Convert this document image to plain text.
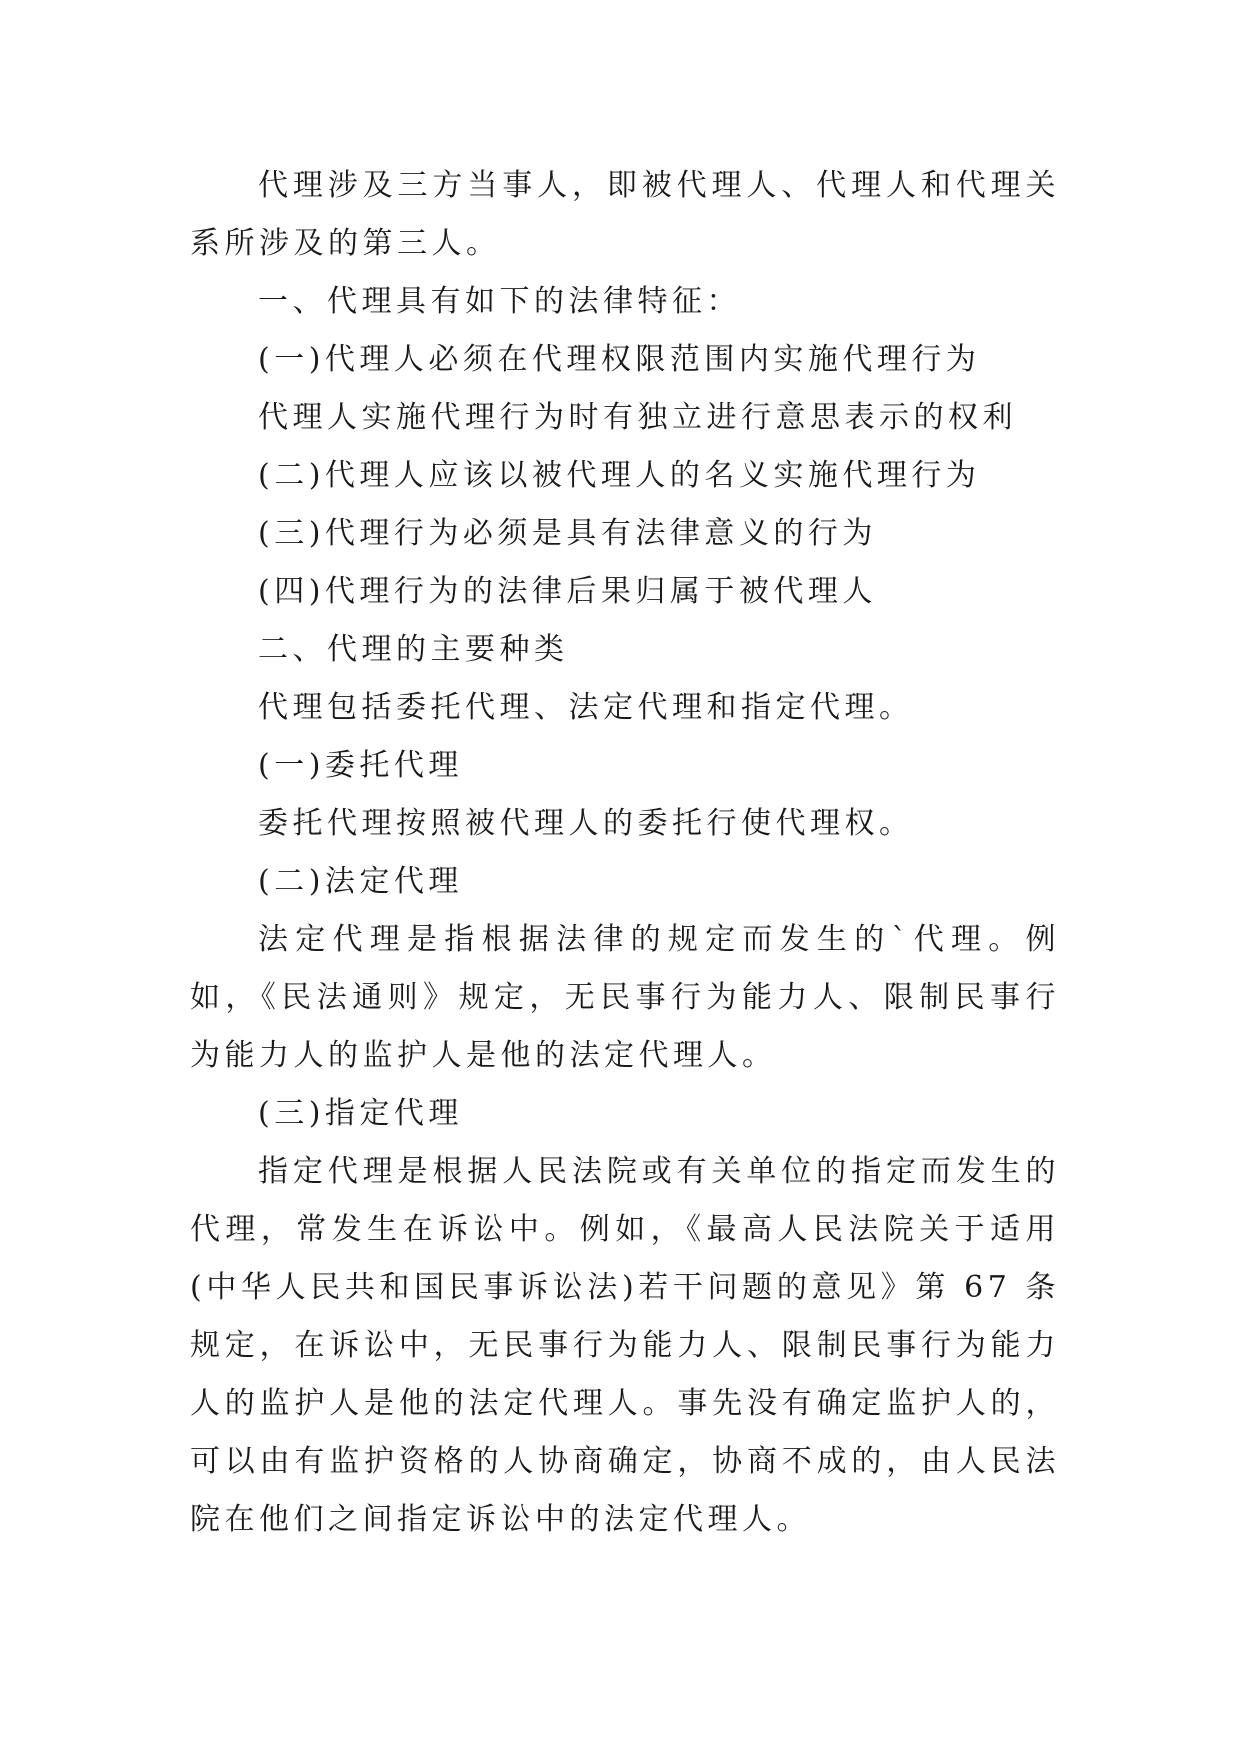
代理涉及三方当事人，即被代理人、代理人和代理关系所涉及的第三人。

一、代理具有如下的法律特征：

(一)代理人必须在代理权限范围内实施代理行为

代理人实施代理行为时有独立进行意思表示的权利

(二)代理人应该以被代理人的名义实施代理行为

(三)代理行为必须是具有法律意义的行为

(四)代理行为的法律后果归属于被代理人

二、代理的主要种类

代理包括委托代理、法定代理和指定代理。

(一)委托代理

委托代理按照被代理人的委托行使代理权。

(二)法定代理

法定代理是指根据法律的规定而发生的`代理。例如，《民法通则》规定，无民事行为能力人、限制民事行为能力人的监护人是他的法定代理人。

(三)指定代理

指定代理是根据人民法院或有关单位的指定而发生的代理，常发生在诉讼中。例如，《最高人民法院关于适用(中华人民共和国民事诉讼法)若干问题的意见》第 67 条规定，在诉讼中，无民事行为能力人、限制民事行为能力人的监护人是他的法定代理人。事先没有确定监护人的，可以由有监护资格的人协商确定，协商不成的，由人民法院在他们之间指定诉讼中的法定代理人。
